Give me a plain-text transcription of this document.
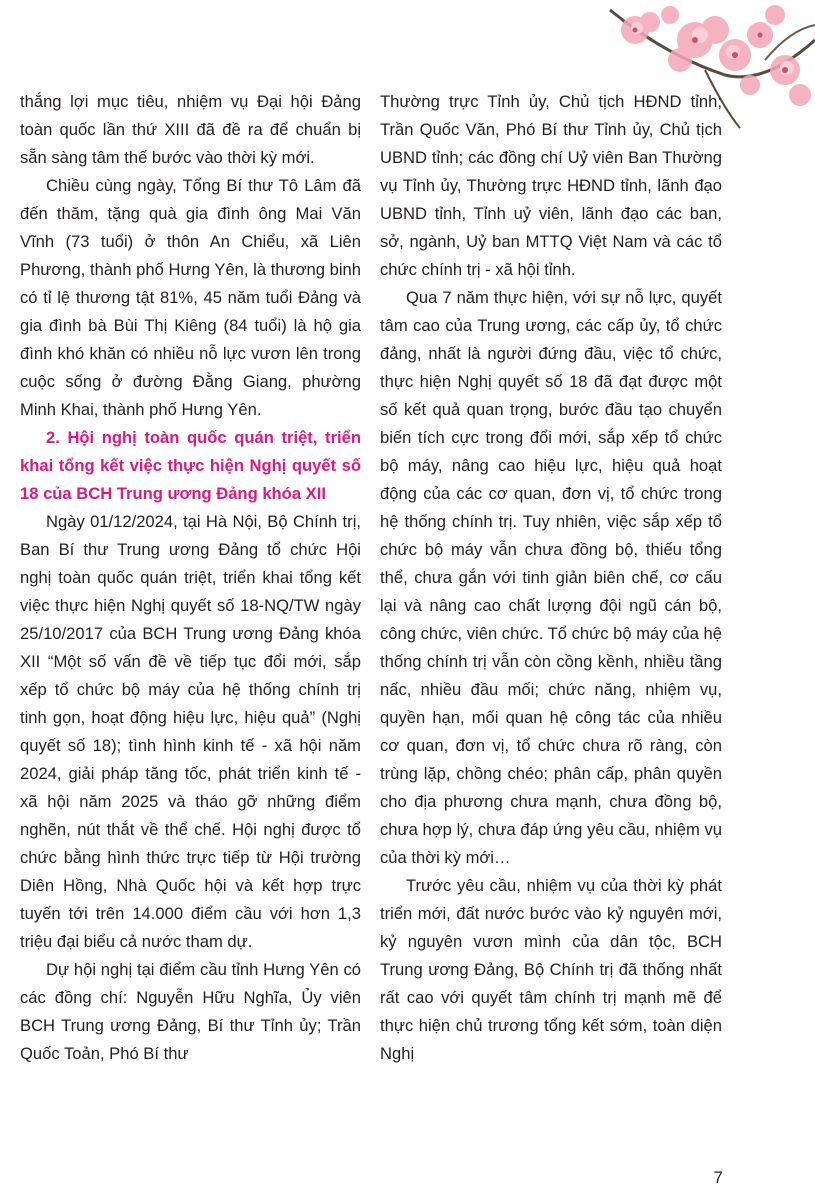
thắng lợi mục tiêu, nhiệm vụ Đại hội Đảng toàn quốc lần thứ XIII đã đề ra để chuẩn bị sẵn sàng tâm thế bước vào thời kỳ mới.

Chiều cùng ngày, Tổng Bí thư Tô Lâm đã đến thăm, tặng quà gia đình ông Mai Văn Vĩnh (73 tuổi) ở thôn An Chiểu, xã Liên Phương, thành phố Hưng Yên, là thương binh có tỉ lệ thương tật 81%, 45 năm tuổi Đảng và gia đình bà Bùi Thị Kiêng (84 tuổi) là hộ gia đình khó khăn có nhiều nỗ lực vươn lên trong cuộc sống ở đường Đằng Giang, phường Minh Khai, thành phố Hưng Yên.

2. Hội nghị toàn quốc quán triệt, triển khai tổng kết việc thực hiện Nghị quyết số 18 của BCH Trung ương Đảng khóa XII

Ngày 01/12/2024, tại Hà Nội, Bộ Chính trị, Ban Bí thư Trung ương Đảng tổ chức Hội nghị toàn quốc quán triệt, triển khai tổng kết việc thực hiện Nghị quyết số 18-NQ/TW ngày 25/10/2017 của BCH Trung ương Đảng khóa XII “Một số vấn đề về tiếp tục đổi mới, sắp xếp tổ chức bộ máy của hệ thống chính trị tinh gọn, hoạt động hiệu lực, hiệu quả” (Nghị quyết số 18); tình hình kinh tế - xã hội năm 2024, giải pháp tăng tốc, phát triển kinh tế - xã hội năm 2025 và tháo gỡ những điểm nghẽn, nút thắt về thể chế. Hội nghị được tổ chức bằng hình thức trực tiếp từ Hội trường Diên Hồng, Nhà Quốc hội và kết hợp trực tuyến tới trên 14.000 điểm cầu với hơn 1,3 triệu đại biểu cả nước tham dự.

Dự hội nghị tại điểm cầu tỉnh Hưng Yên có các đồng chí: Nguyễn Hữu Nghĩa, Ủy viên BCH Trung ương Đảng, Bí thư Tỉnh ủy; Trần Quốc Toản, Phó Bí thư

Thường trực Tỉnh ủy, Chủ tịch HĐND tỉnh; Trần Quốc Văn, Phó Bí thư Tỉnh ủy, Chủ tịch UBND tỉnh; các đồng chí Uỷ viên Ban Thường vụ Tỉnh ủy, Thường trực HĐND tỉnh, lãnh đạo UBND tỉnh, Tỉnh uỷ viên, lãnh đạo các ban, sở, ngành, Uỷ ban MTTQ Việt Nam và các tổ chức chính trị - xã hội tỉnh.

Qua 7 năm thực hiện, với sự nỗ lực, quyết tâm cao của Trung ương, các cấp ủy, tổ chức đảng, nhất là người đứng đầu, việc tổ chức, thực hiện Nghị quyết số 18 đã đạt được một số kết quả quan trọng, bước đầu tạo chuyển biến tích cực trong đổi mới, sắp xếp tổ chức bộ máy, nâng cao hiệu lực, hiệu quả hoạt động của các cơ quan, đơn vị, tổ chức trong hệ thống chính trị. Tuy nhiên, việc sắp xếp tổ chức bộ máy vẫn chưa đồng bộ, thiếu tổng thể, chưa gắn với tinh giản biên chế, cơ cấu lại và nâng cao chất lượng đội ngũ cán bộ, công chức, viên chức. Tổ chức bộ máy của hệ thống chính trị vẫn còn cồng kềnh, nhiều tầng nấc, nhiều đầu mối; chức năng, nhiệm vụ, quyền hạn, mối quan hệ công tác của nhiều cơ quan, đơn vị, tổ chức chưa rõ ràng, còn trùng lặp, chồng chéo; phân cấp, phân quyền cho địa phương chưa mạnh, chưa đồng bộ, chưa hợp lý, chưa đáp ứng yêu cầu, nhiệm vụ của thời kỳ mới…

Trước yêu cầu, nhiệm vụ của thời kỳ phát triển mới, đất nước bước vào kỷ nguyên mới, kỷ nguyên vươn mình của dân tộc, BCH Trung ương Đảng, Bộ Chính trị đã thống nhất rất cao với quyết tâm chính trị mạnh mẽ để thực hiện chủ trương tổng kết sớm, toàn diện Nghị

7
